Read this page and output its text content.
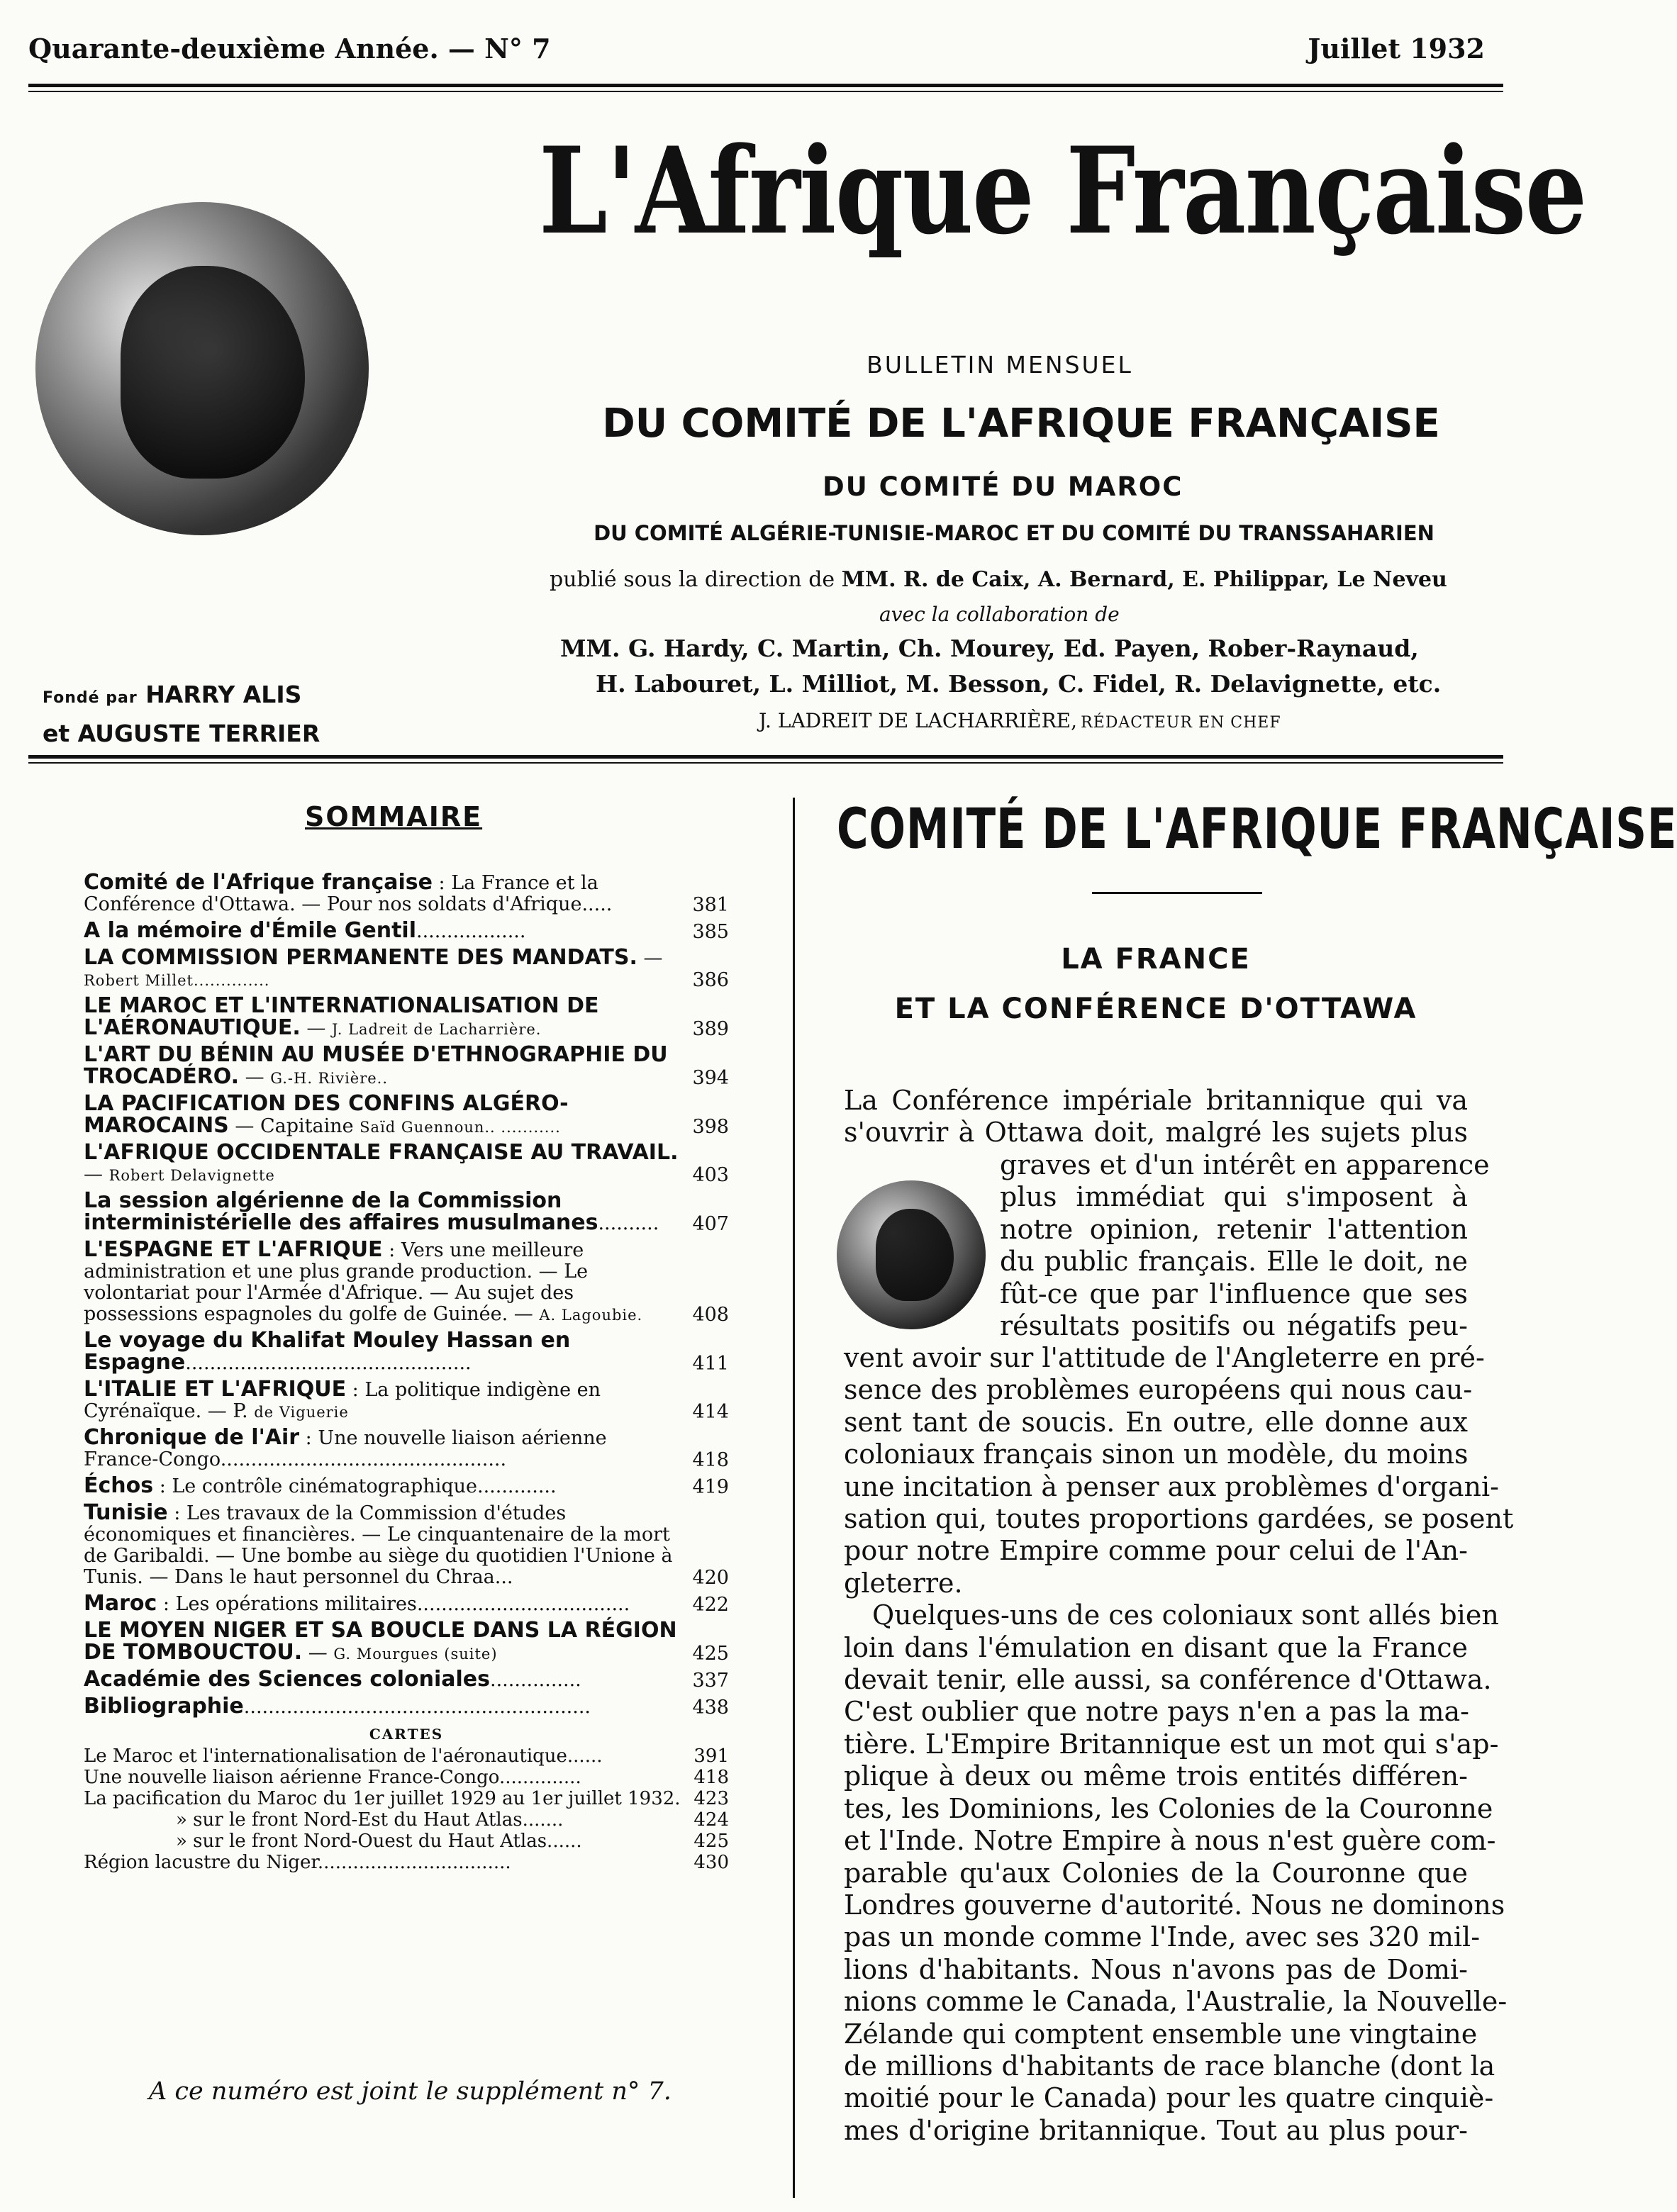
Quarante-deuxième Année. — N° 7	Juillet 1932
L'Afrique Française
BULLETIN MENSUEL
DU COMITÉ DE L'AFRIQUE FRANÇAISE
DU COMITÉ DU MAROC
DU COMITÉ ALGÉRIE-TUNISIE-MAROC ET DU COMITÉ DU TRANSSAHARIEN
publié sous la direction de MM. R. de Caix, A. Bernard, E. Philippar, Le Neveu
avec la collaboration de
MM. G. Hardy, C. Martin, Ch. Mourey, Ed. Payen, Rober-Raynaud,
H. Labouret, L. Milliot, M. Besson, C. Fidel, R. Delavignette, etc.
J. LADREIT DE LACHARRIÈRE, RÉDACTEUR EN CHEF
Fondé par HARRY ALIS
et AUGUSTE TERRIER
SOMMAIRE
Comité de l'Afrique française : La France et la Conférence d'Ottawa. — Pour nos soldats d'Afrique.....	381
A la mémoire d'Émile Gentil..................	385
LA COMMISSION PERMANENTE DES MANDATS. — Robert Millet..............	386
LE MAROC ET L'INTERNATIONALISATION DE L'AÉRONAUTIQUE. — J. Ladreit de Lacharrière.	389
L'ART DU BÉNIN AU MUSÉE D'ETHNOGRAPHIE DU TROCADÉRO. — G.-H. Rivière..	394
LA PACIFICATION DES CONFINS ALGÉRO-MAROCAINS — Capitaine Saïd Guennoun.. ...........	398
L'AFRIQUE OCCIDENTALE FRANÇAISE AU TRAVAIL. — Robert Delavignette	403
La session algérienne de la Commission interministérielle des affaires musulmanes.......... 407
L'ESPAGNE ET L'AFRIQUE : Vers une meilleure administration et une plus grande production. — Le volontariat pour l'Armée d'Afrique. — Au sujet des possessions espagnoles du golfe de Guinée. — A. Lagoubie.	408
Le voyage du Khalifat Mouley Hassan en Espagne...............................................	411
L'ITALIE ET L'AFRIQUE : La politique indigène en Cyrénaïque. — P. de Viguerie	414
Chronique de l'Air : Une nouvelle liaison aérienne France-Congo...............................................	418
Échos : Le contrôle cinématographique.............	419
Tunisie : Les travaux de la Commission d'études économiques et financières. — Le cinquantenaire de la mort de Garibaldi. — Une bombe au siège du quotidien l'Unione à Tunis. — Dans le haut personnel du Chraa...	420
Maroc : Les opérations militaires...................................	422
LE MOYEN NIGER ET SA BOUCLE DANS LA RÉGION DE TOMBOUCTOU. — G. Mourgues (suite)	425
Académie des Sciences coloniales...............	337
Bibliographie.........................................................	438
CARTES
Le Maroc et l'internationalisation de l'aéronautique......	391
Une nouvelle liaison aérienne France-Congo..............	418
La pacification du Maroc du 1er juillet 1929 au 1er juillet 1932. 423
» sur le front Nord-Est du Haut Atlas.......	424
» sur le front Nord-Ouest du Haut Atlas......	425
Région lacustre du Niger.................................	430
A ce numéro est joint le supplément n° 7.
COMITÉ DE L'AFRIQUE FRANÇAISE
LA FRANCE
ET LA CONFÉRENCE D'OTTAWA
La Conférence impériale britannique qui va
s'ouvrir à Ottawa doit, malgré les sujets plus
graves et d'un intérêt en apparence
plus immédiat qui s'imposent à
notre opinion, retenir l'attention
du public français. Elle le doit, ne
fût-ce que par l'influence que ses
résultats positifs ou négatifs peu-
vent avoir sur l'attitude de l'Angleterre en pré-
sence des problèmes européens qui nous cau-
sent tant de soucis. En outre, elle donne aux
coloniaux français sinon un modèle, du moins
une incitation à penser aux problèmes d'organi-
sation qui, toutes proportions gardées, se posent
pour notre Empire comme pour celui de l'An-
gleterre.
Quelques-uns de ces coloniaux sont allés bien
loin dans l'émulation en disant que la France
devait tenir, elle aussi, sa conférence d'Ottawa.
C'est oublier que notre pays n'en a pas la ma-
tière. L'Empire Britannique est un mot qui s'ap-
plique à deux ou même trois entités différen-
tes, les Dominions, les Colonies de la Couronne
et l'Inde. Notre Empire à nous n'est guère com-
parable qu'aux Colonies de la Couronne que
Londres gouverne d'autorité. Nous ne dominons
pas un monde comme l'Inde, avec ses 320 mil-
lions d'habitants. Nous n'avons pas de Domi-
nions comme le Canada, l'Australie, la Nouvelle-
Zélande qui comptent ensemble une vingtaine
de millions d'habitants de race blanche (dont la
moitié pour le Canada) pour les quatre cinquiè-
mes d'origine britannique. Tout au plus pour-
